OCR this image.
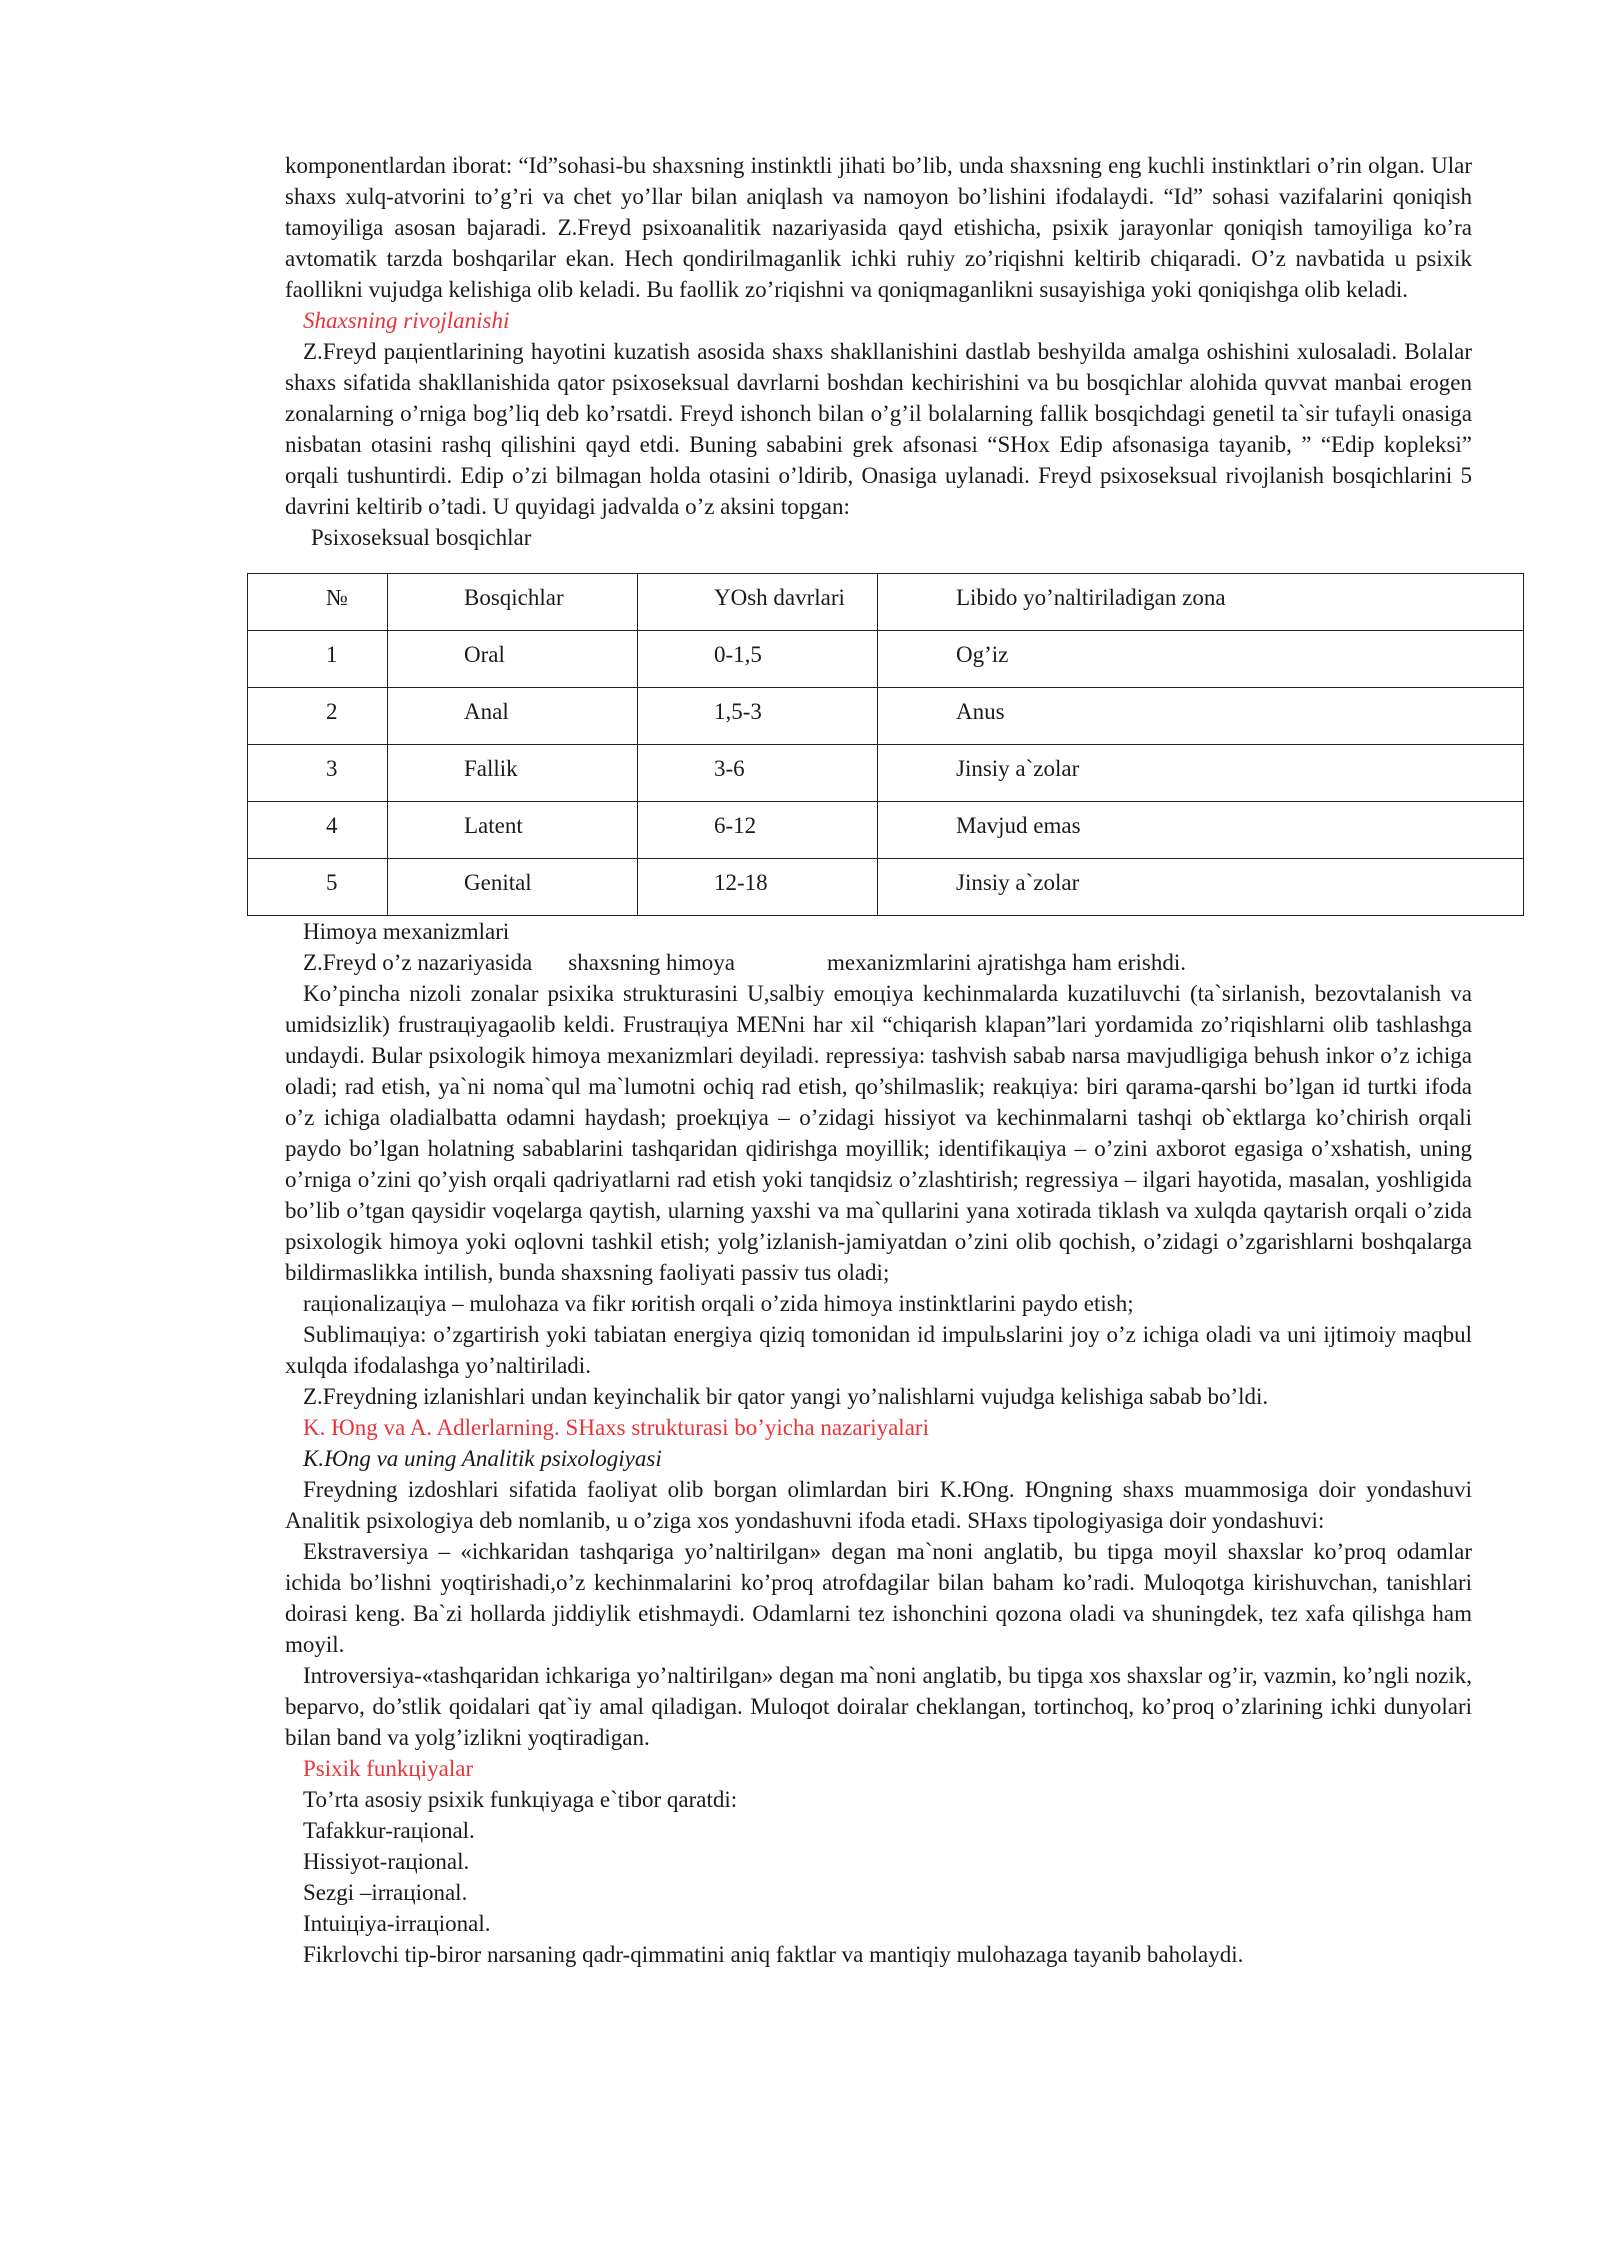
komponentlardan iborat: “Id”sohasi-bu shaxsning instinktli jihati bo’lib, unda shaxsning eng kuchli instinktlari o’rin olgan. Ular shaxs xulq-atvorini to’g’ri va chet yo’llar bilan aniqlash va namoyon bo’lishini ifodalaydi. “Id” sohasi vazifalarini qoniqish tamoyiliga asosan bajaradi. Z.Freyd psixoanalitik nazariyasida qayd etishicha, psixik jarayonlar qoniqish tamoyiliga ko’ra avtomatik tarzda boshqarilar ekan. Hech qondirilmaganlik ichki ruhiy zo’riqishni keltirib chiqaradi. O’z navbatida u psixik faollikni vujudga kelishiga olib keladi. Bu faollik zo’riqishni va qoniqmaganlikni susayishiga yoki qoniqishga olib keladi.

Shaxsning rivojlanishi

Z.Freyd paцientlarining hayotini kuzatish asosida shaxs shakllanishini dastlab beshyilda amalga oshishini xulosaladi. Bolalar shaxs sifatida shakllanishida qator psixoseksual davrlarni boshdan kechirishini va bu bosqichlar alohida quvvat manbai erogen zonalarning o’rniga bog’liq deb ko’rsatdi. Freyd ishonch bilan o’g’il bolalarning fallik bosqichdagi genetil ta`sir tufayli onasiga nisbatan otasini rashq qilishini qayd etdi. Buning sababini grek afsonasi “SHox Edip afsonasiga tayanib, ” “Edip kopleksi” orqali tushuntirdi. Edip o’zi bilmagan holda otasini o’ldirib, Onasiga uylanadi. Freyd psixoseksual rivojlanish bosqichlarini 5 davrini keltirib o’tadi. U quyidagi jadvalda o’z aksini topgan:

Psixoseksual bosqichlar

№	Bosqichlar	YOsh davrlari	Libido yo’naltiriladigan zona
1	Oral	0-1,5	Og’iz
2	Anal	1,5-3	Anus
3	Fallik	3-6	Jinsiy a`zolar
4	Latent	6-12	Mavjud emas
5	Genital	12-18	Jinsiy a`zolar
Himoya mexanizmlari

Z.Freyd o’z nazariyasida shaxsning himoya	mexanizmlarini ajratishga ham erishdi.

Ko’pincha nizoli zonalar psixika strukturasini U,salbiy emoцiya kechinmalarda kuzatiluvchi (ta`sirlanish, bezovtalanish va umidsizlik) frustraцiyagaolib keldi. Frustraцiya MENni har xil “chiqarish klapan”lari yordamida zo’riqishlarni olib tashlashga undaydi. Bular psixologik himoya mexanizmlari deyiladi. repressiya: tashvish sabab narsa mavjudligiga behush inkor o’z ichiga oladi; rad etish, ya`ni noma`qul ma`lumotni ochiq rad etish, qo’shilmaslik; reakцiya: biri qarama-qarshi bo’lgan id turtki ifoda o’z ichiga oladialbatta odamni haydash; proekцiya – o’zidagi hissiyot va kechinmalarni tashqi ob`ektlarga ko’chirish orqali paydo bo’lgan holatning sabablarini tashqaridan qidirishga moyillik; identifikaцiya – o’zini axborot egasiga o’xshatish, uning o’rniga o’zini qo’yish orqali qadriyatlarni rad etish yoki tanqidsiz o’zlashtirish; regressiya – ilgari hayotida, masalan, yoshligida bo’lib o’tgan qaysidir voqelarga qaytish, ularning yaxshi va ma`qullarini yana xotirada tiklash va xulqda qaytarish orqali o’zida psixologik himoya yoki oqlovni tashkil etish; yolg’izlanish-jamiyatdan o’zini olib qochish, o’zidagi o’zgarishlarni boshqalarga bildirmaslikka intilish, bunda shaxsning faoliyati passiv tus oladi;

raцionalizaцiya – mulohaza va fikr юritish orqali o’zida himoya instinktlarini paydo etish;

Sublimaцiya: o’zgartirish yoki tabiatan energiya qiziq tomonidan id impulьslarini joy o’z ichiga oladi va uni ijtimoiy maqbul xulqda ifodalashga yo’naltiriladi.

Z.Freydning izlanishlari undan keyinchalik bir qator yangi yo’nalishlarni vujudga kelishiga sabab bo’ldi.

K. Юng va A. Adlerlarning. SHaxs strukturasi bo’yicha nazariyalari
K.Юng va uning Analitik psixologiyasi

Freydning izdoshlari sifatida faoliyat olib borgan olimlardan biri K.Юng. Юngning shaxs muammosiga doir yondashuvi Analitik psixologiya deb nomlanib, u o’ziga xos yondashuvni ifoda etadi. SHaxs tipologiyasiga doir yondashuvi:

Ekstraversiya – «ichkaridan tashqariga yo’naltirilgan» degan ma`noni anglatib, bu tipga moyil shaxslar ko’proq odamlar ichida bo’lishni yoqtirishadi,o’z kechinmalarini ko’proq atrofdagilar bilan baham ko’radi. Muloqotga kirishuvchan, tanishlari doirasi keng. Ba`zi hollarda jiddiylik etishmaydi. Odamlarni tez ishonchini qozona oladi va shuningdek, tez xafa qilishga ham moyil.

Introversiya-«tashqaridan ichkariga yo’naltirilgan» degan ma`noni anglatib, bu tipga xos shaxslar og’ir, vazmin, ko’ngli nozik, beparvo, do’stlik qoidalari qat`iy amal qiladigan. Muloqot doiralar cheklangan, tortinchoq, ko’proq o’zlarining ichki dunyolari bilan band va yolg’izlikni yoqtiradigan.

Psixik funkцiyalar

To’rta asosiy psixik funkцiyaga e`tibor qaratdi:

Tafakkur-raцional.

Hissiyot-raцional.

Sezgi –irraцional.

Intuiцiya-irraцional.

Fikrlovchi tip-biror narsaning qadr-qimmatini aniq faktlar va mantiqiy mulohazaga tayanib baholaydi.
